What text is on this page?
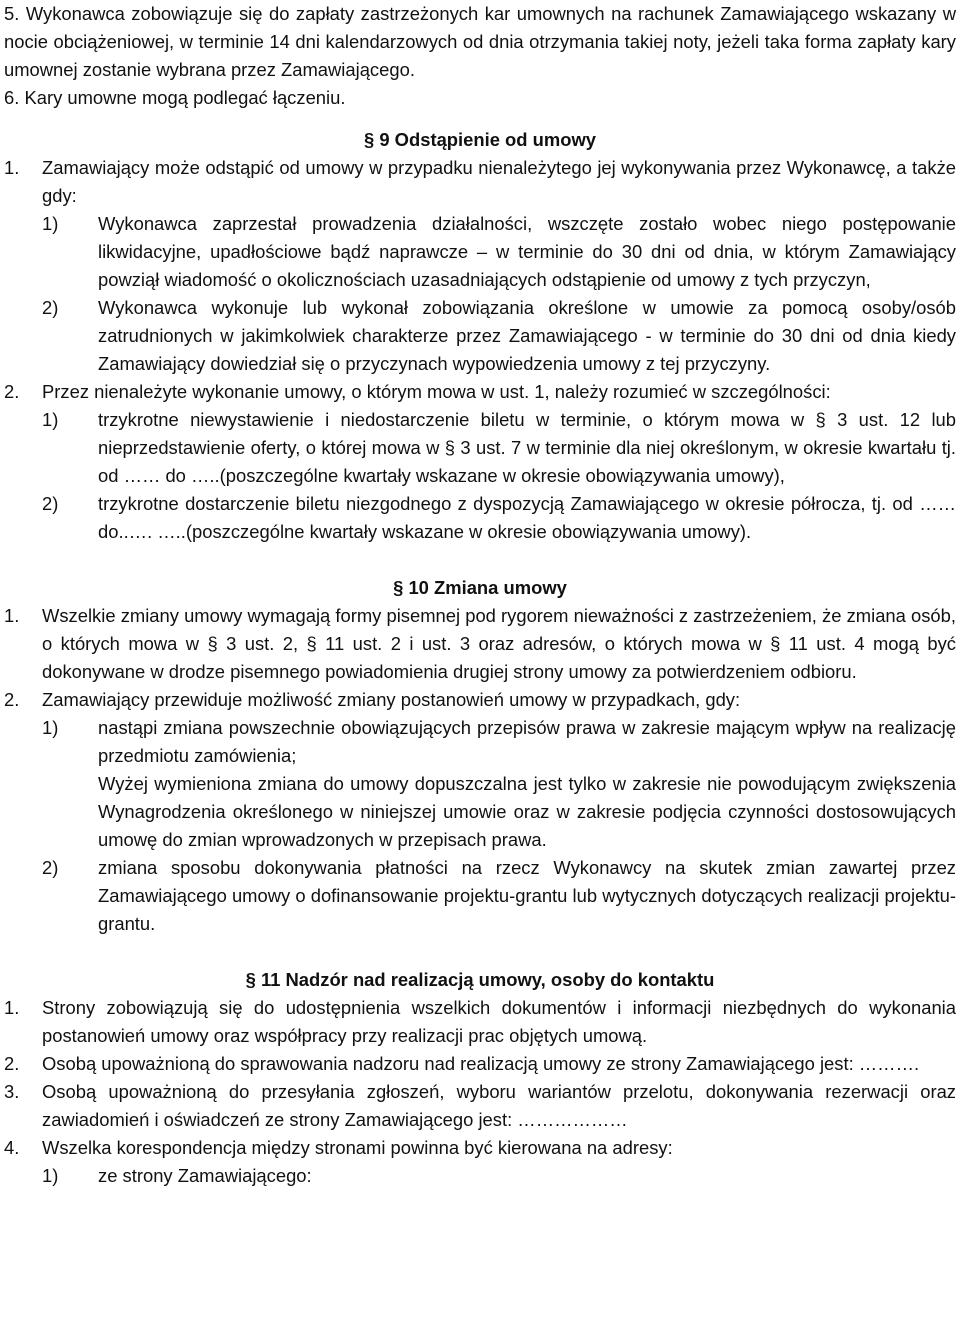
5. Wykonawca zobowiązuje się do zapłaty zastrzeżonych kar umownych na rachunek Zamawiającego wskazany w nocie obciążeniowej, w terminie 14 dni kalendarzowych od dnia otrzymania takiej noty, jeżeli taka forma zapłaty kary umownej zostanie wybrana przez Zamawiającego.

6. Kary umowne mogą podlegać łączeniu.

§ 9 Odstąpienie od umowy

1.	Zamawiający może odstąpić od umowy w przypadku nienależytego jej wykonywania przez Wykonawcę, a także gdy:
1)	Wykonawca zaprzestał prowadzenia działalności, wszczęte zostało wobec niego postępowanie likwidacyjne, upadłościowe bądź naprawcze – w terminie do 30 dni od dnia, w którym Zamawiający powziął wiadomość o okolicznościach uzasadniających odstąpienie od umowy z tych przyczyn,
2)	Wykonawca wykonuje lub wykonał zobowiązania określone w umowie za pomocą osoby/osób zatrudnionych w jakimkolwiek charakterze przez Zamawiającego - w terminie do 30 dni od dnia kiedy Zamawiający dowiedział się o przyczynach wypowiedzenia umowy z tej przyczyny.
2.	Przez nienależyte wykonanie umowy, o którym mowa w ust. 1, należy rozumieć w szczególności:
1)	trzykrotne niewystawienie i niedostarczenie biletu w terminie, o którym mowa w § 3 ust. 12 lub nieprzedstawienie oferty, o której mowa w § 3 ust. 7 w terminie dla niej określonym, w okresie kwartału tj. od …… do …..(poszczególne kwartały wskazane w okresie obowiązywania umowy),
2)	trzykrotne dostarczenie biletu niezgodnego z dyspozycją Zamawiającego w okresie półrocza, tj. od …… do..…. …..(poszczególne kwartały wskazane w okresie obowiązywania umowy).

§ 10 Zmiana umowy

1.	Wszelkie zmiany umowy wymagają formy pisemnej pod rygorem nieważności z zastrzeżeniem, że zmiana osób, o których mowa w § 3 ust. 2, § 11 ust. 2 i ust. 3 oraz adresów, o których mowa w § 11 ust. 4 mogą być dokonywane w drodze pisemnego powiadomienia drugiej strony umowy za potwierdzeniem odbioru.
2.	Zamawiający przewiduje możliwość zmiany postanowień umowy w przypadkach, gdy:
1)	nastąpi zmiana powszechnie obowiązujących przepisów prawa w zakresie mającym wpływ na realizację przedmiotu zamówienia;
Wyżej wymieniona zmiana do umowy dopuszczalna jest tylko w zakresie nie powodującym zwiększenia Wynagrodzenia określonego w niniejszej umowie oraz w zakresie podjęcia czynności dostosowujących umowę do zmian wprowadzonych w przepisach prawa.
2)	zmiana sposobu dokonywania płatności na rzecz Wykonawcy na skutek zmian zawartej przez Zamawiającego umowy o dofinansowanie projektu-grantu lub wytycznych dotyczących realizacji projektu-grantu.

§ 11 Nadzór nad realizacją umowy, osoby do kontaktu

1.	Strony zobowiązują się do udostępnienia wszelkich dokumentów i informacji niezbędnych do wykonania postanowień umowy oraz współpracy przy realizacji prac objętych umową.
2.	Osobą upoważnioną do sprawowania nadzoru nad realizacją umowy ze strony Zamawiającego jest: ……….
3.	Osobą upoważnioną do przesyłania zgłoszeń, wyboru wariantów przelotu, dokonywania rezerwacji oraz zawiadomień i oświadczeń ze strony Zamawiającego jest: ………………
4.	Wszelka korespondencja między stronami powinna być kierowana na adresy:
1)	ze strony Zamawiającego:
